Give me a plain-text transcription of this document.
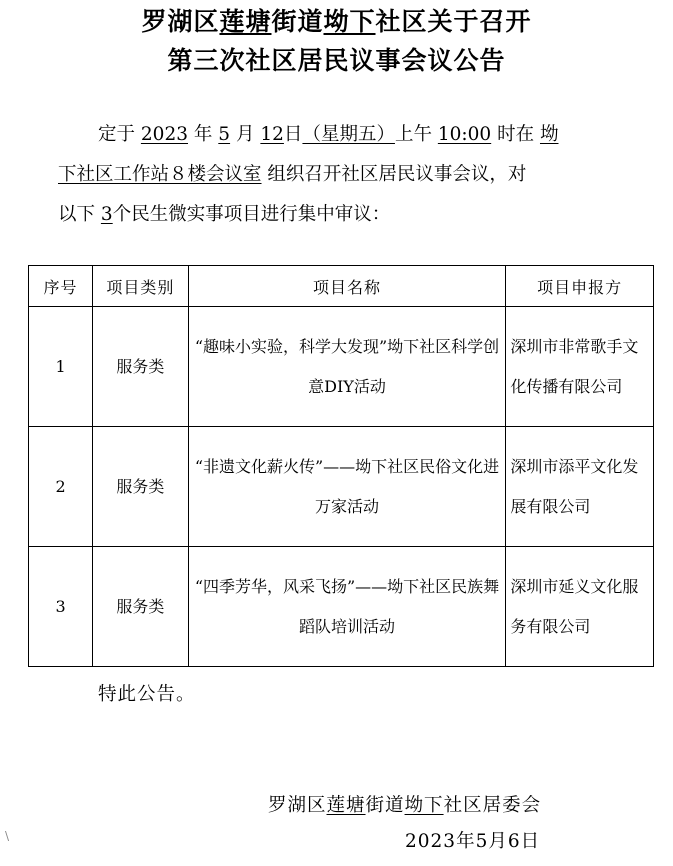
罗湖区莲塘街道坳下社区关于召开
第三次社区居民议事会议公告
定于 2023 年 5 月 12日（星期五）上午 10:00 时在 坳
下社区工作站８楼会议室 组织召开社区居民议事会议，对
以下 3个民生微实事项目进行集中审议：
序号	项目类别	项目名称	项目申报方
1	服务类	“趣味小实验，科学大发现”坳下社区科学创意DIY活动	深圳市非常歌手文化传播有限公司
2	服务类	“非遗文化薪火传”——坳下社区民俗文化进万家活动	深圳市添平文化发展有限公司
3	服务类	“四季芳华，风采飞扬”——坳下社区民族舞蹈队培训活动	深圳市延义文化服务有限公司
特此公告。
罗湖区莲塘街道坳下社区居委会
2023年5月6日
\
